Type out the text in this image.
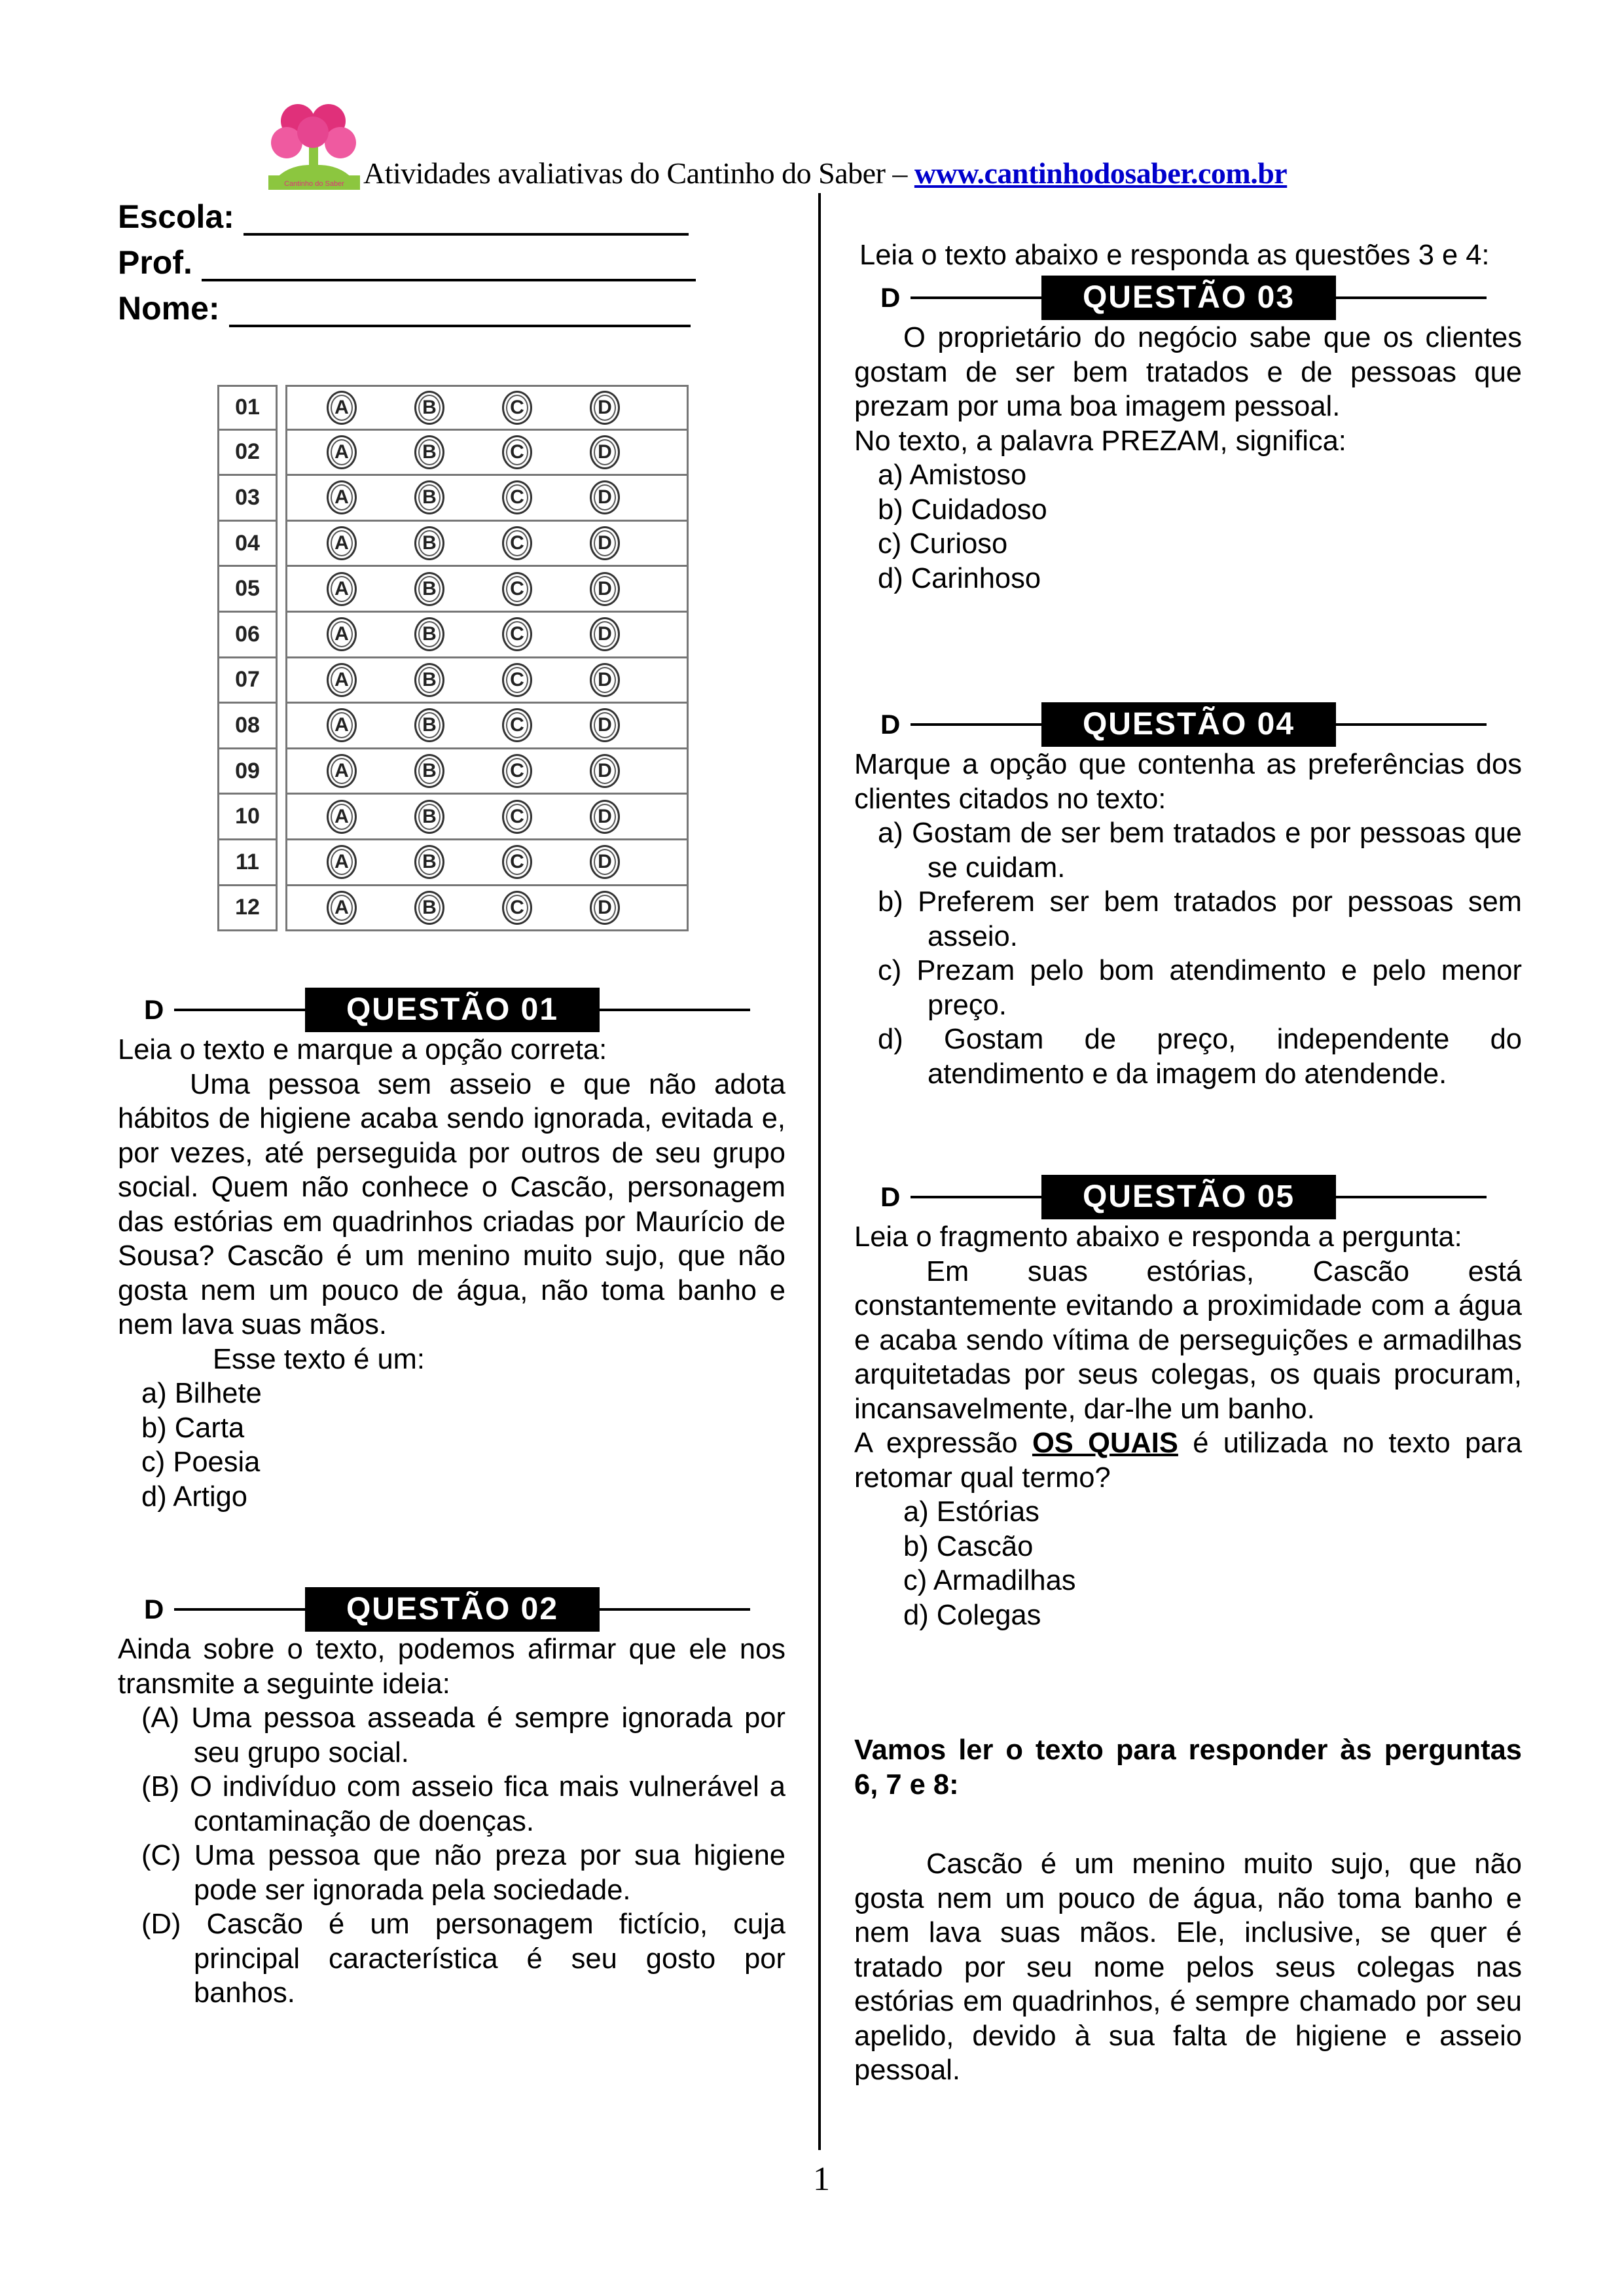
Cantinho do Saber Atividades avaliativas do Cantinho do Saber – www.cantinhodosaber.com.br
Escola:
Prof.
Nome:
01	A	B	C	D
02	A	B	C	D
03	A	B	C	D
04	A	B	C	D
05	A	B	C	D
06	A	B	C	D
07	A	B	C	D
08	A	B	C	D
09	A	B	C	D
10	A	B	C	D
11	A	B	C	D
12	A	B	C	D
D	QUESTÃO 01

Leia o texto e marque a opção correta:

Uma pessoa sem asseio e que não adota hábitos de higiene acaba sendo ignorada, evitada e, por vezes, até perseguida por outros de seu grupo social. Quem não conhece o Cascão, personagem das estórias em quadrinhos criadas por Maurício de Sousa? Cascão é um menino muito sujo, que não gosta nem um pouco de água, não toma banho e nem lava suas mãos.

Esse texto é um:

a) Bilhete

b) Carta

c) Poesia

d) Artigo

D	QUESTÃO 02

Ainda sobre o texto, podemos afirmar que ele nos transmite a seguinte ideia:

(A) Uma pessoa asseada é sempre ignorada por seu grupo social.

(B) O indivíduo com asseio fica mais vulnerável a contaminação de doenças.

(C) Uma pessoa que não preza por sua higiene pode ser ignorada pela sociedade.

(D) Cascão é um personagem fictício, cuja principal característica é seu gosto por banhos.

Leia o texto abaixo e responda as questões 3 e 4:
D	QUESTÃO 03

O proprietário do negócio sabe que os clientes gostam de ser bem tratados e de pessoas que prezam por uma boa imagem pessoal.

No texto, a palavra PREZAM, significa:

a) Amistoso

b) Cuidadoso

c) Curioso

d) Carinhoso

D	QUESTÃO 04

Marque a opção que contenha as preferências dos clientes citados no texto:

a) Gostam de ser bem tratados e por pessoas que se cuidam.

b) Preferem ser bem tratados por pessoas sem asseio.

c) Prezam pelo bom atendimento e pelo menor preço.

d) Gostam de preço, independente do atendimento e da imagem do atendende.

D	QUESTÃO 05

Leia o fragmento abaixo e responda a pergunta:

Em suas estórias, Cascão está constantemente evitando a proximidade com a água e acaba sendo vítima de perseguições e armadilhas arquitetadas por seus colegas, os quais procuram, incansavelmente, dar-lhe um banho.

A expressão OS QUAIS é utilizada no texto para retomar qual termo?

a) Estórias

b) Cascão

c) Armadilhas

d) Colegas

Vamos ler o texto para responder às perguntas 6, 7 e 8:
Cascão é um menino muito sujo, que não gosta nem um pouco de água, não toma banho e nem lava suas mãos. Ele, inclusive, se quer é tratado por seu nome pelos seus colegas nas estórias em quadrinhos, é sempre chamado por seu apelido, devido à sua falta de higiene e asseio pessoal.
1
